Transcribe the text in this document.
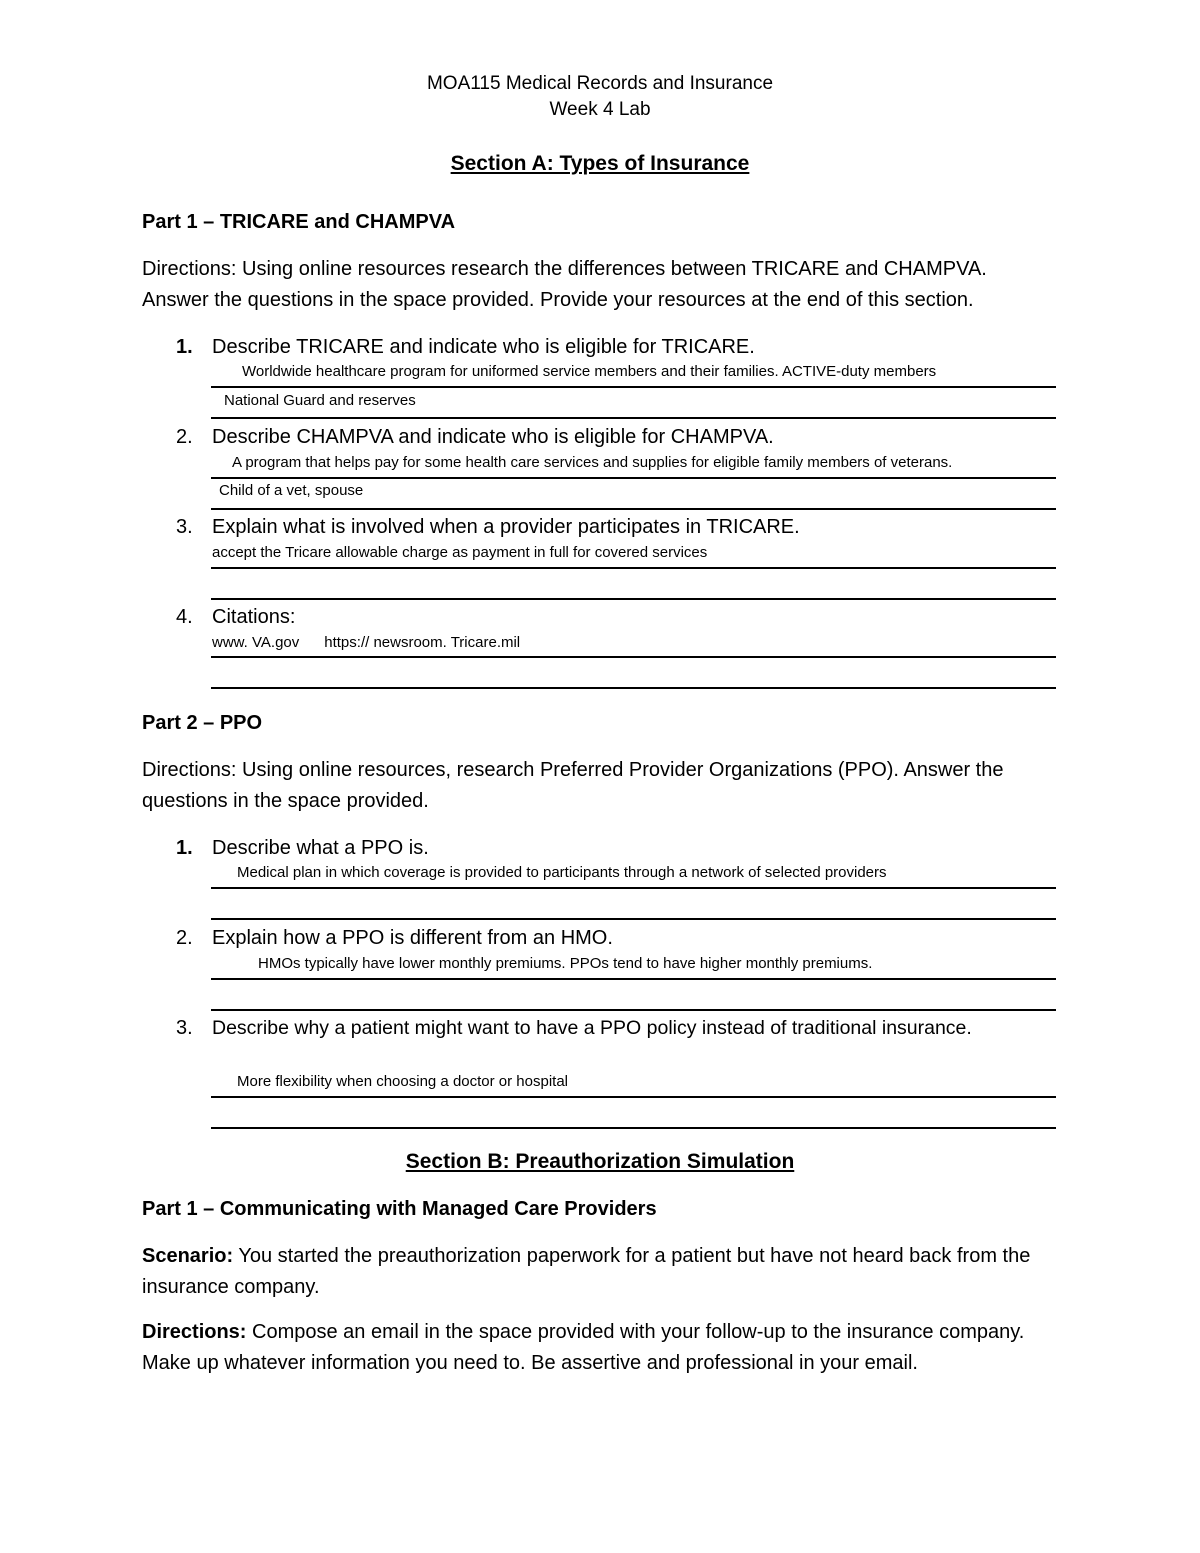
MOA115 Medical Records and Insurance
Week 4 Lab
Section A: Types of Insurance
Part 1 – TRICARE and CHAMPVA
Directions: Using online resources research the differences between TRICARE and CHAMPVA. Answer the questions in the space provided. Provide your resources at the end of this section.
1. Describe TRICARE and indicate who is eligible for TRICARE.
Worldwide healthcare program for uniformed service members and their families. ACTIVE-duty members
National Guard and reserves
2. Describe CHAMPVA and indicate who is eligible for CHAMPVA.
A program that helps pay for some health care services and supplies for eligible family members of veterans.
Child of a vet, spouse
3. Explain what is involved when a provider participates in TRICARE.
accept the Tricare allowable charge as payment in full for covered services
4. Citations:
www. VA.gov      https:// newsroom. Tricare.mil
Part 2 – PPO
Directions: Using online resources, research Preferred Provider Organizations (PPO). Answer the questions in the space provided.
1. Describe what a PPO is.
Medical plan in which coverage is provided to participants through a network of selected providers
2. Explain how a PPO is different from an HMO.
HMOs typically have lower monthly premiums. PPOs tend to have higher monthly premiums.
3. Describe why a patient might want to have a PPO policy instead of traditional insurance.
More flexibility when choosing a doctor or hospital
Section B: Preauthorization Simulation
Part 1 – Communicating with Managed Care Providers
Scenario: You started the preauthorization paperwork for a patient but have not heard back from the insurance company.
Directions: Compose an email in the space provided with your follow-up to the insurance company. Make up whatever information you need to. Be assertive and professional in your email.
